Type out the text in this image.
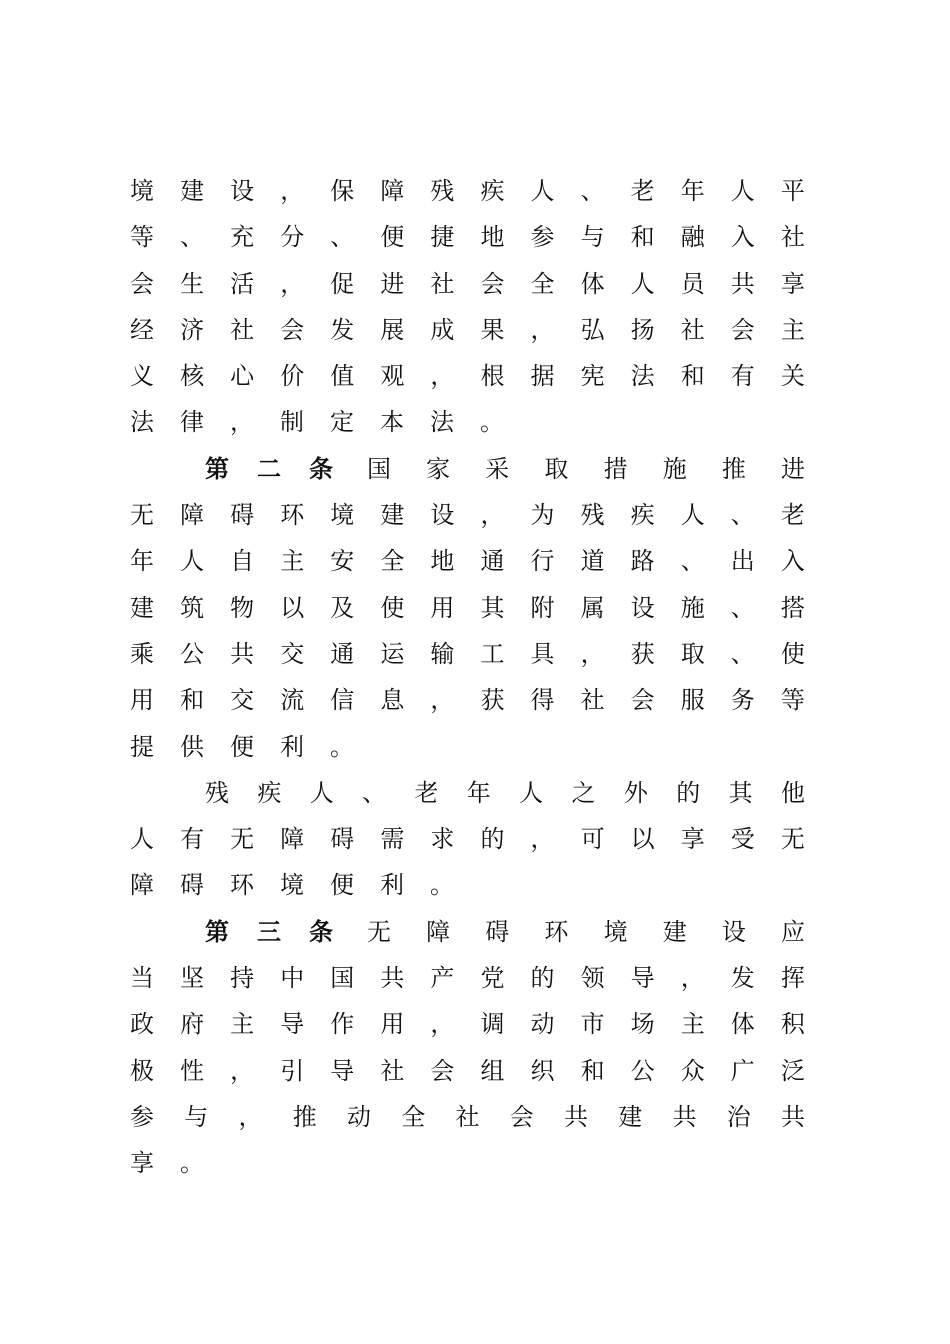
境 建 设 ， 保 障 残 疾 人 、 老 年 人 平
等 、 充 分 、 便 捷 地 参 与 和 融 入 社
会 生 活 ， 促 进 社 会 全 体 人 员 共 享
经 济 社 会 发 展 成 果 ， 弘 扬 社 会 主
义 核 心 价 值 观 ， 根 据 宪 法 和 有 关
法 律 ， 制 定 本 法 。
第 二 条 国 家 采 取 措 施 推 进
无 障 碍 环 境 建 设 ， 为 残 疾 人 、 老
年 人 自 主 安 全 地 通 行 道 路 、 出 入
建 筑 物 以 及 使 用 其 附 属 设 施 、 搭
乘 公 共 交 通 运 输 工 具 ， 获 取 、 使
用 和 交 流 信 息 ， 获 得 社 会 服 务 等
提 供 便 利 。
残 疾 人 、 老 年 人 之 外 的 其 他
人 有 无 障 碍 需 求 的 ， 可 以 享 受 无
障 碍 环 境 便 利 。
第 三 条 无 障 碍 环 境 建 设 应
当 坚 持 中 国 共 产 党 的 领 导 ， 发 挥
政 府 主 导 作 用 ， 调 动 市 场 主 体 积
极 性 ， 引 导 社 会 组 织 和 公 众 广 泛
参 与 ， 推 动 全 社 会 共 建 共 治 共
享 。
